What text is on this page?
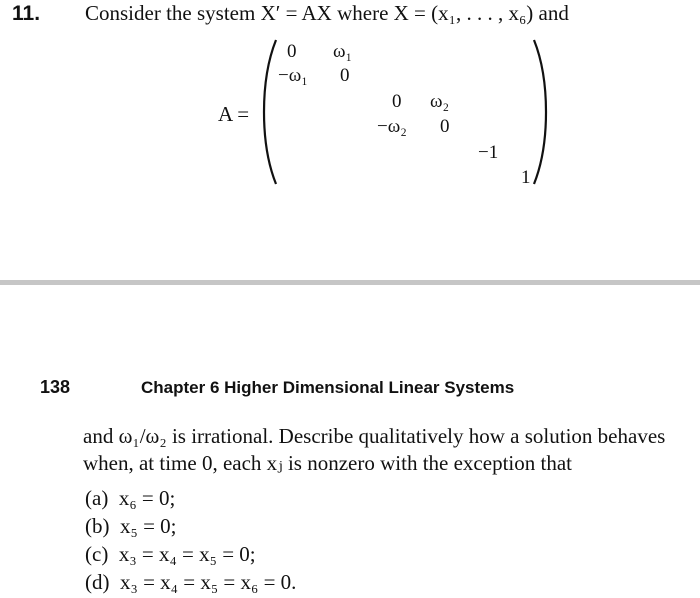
11. Consider the system X′ = AX where X = (x₁, . . . , x₆) and
A =
0 ω₁
−ω₁ 0
0 ω₂
−ω₂ 0
−1
1
138	Chapter 6 Higher Dimensional Linear Systems
and ω₁/ω₂ is irrational. Describe qualitatively how a solution behaves when, at time 0, each xⱼ is nonzero with the exception that
(a) x₆ = 0;
(b) x₅ = 0;
(c) x₃ = x₄ = x₅ = 0;
(d) x₃ = x₄ = x₅ = x₆ = 0.
